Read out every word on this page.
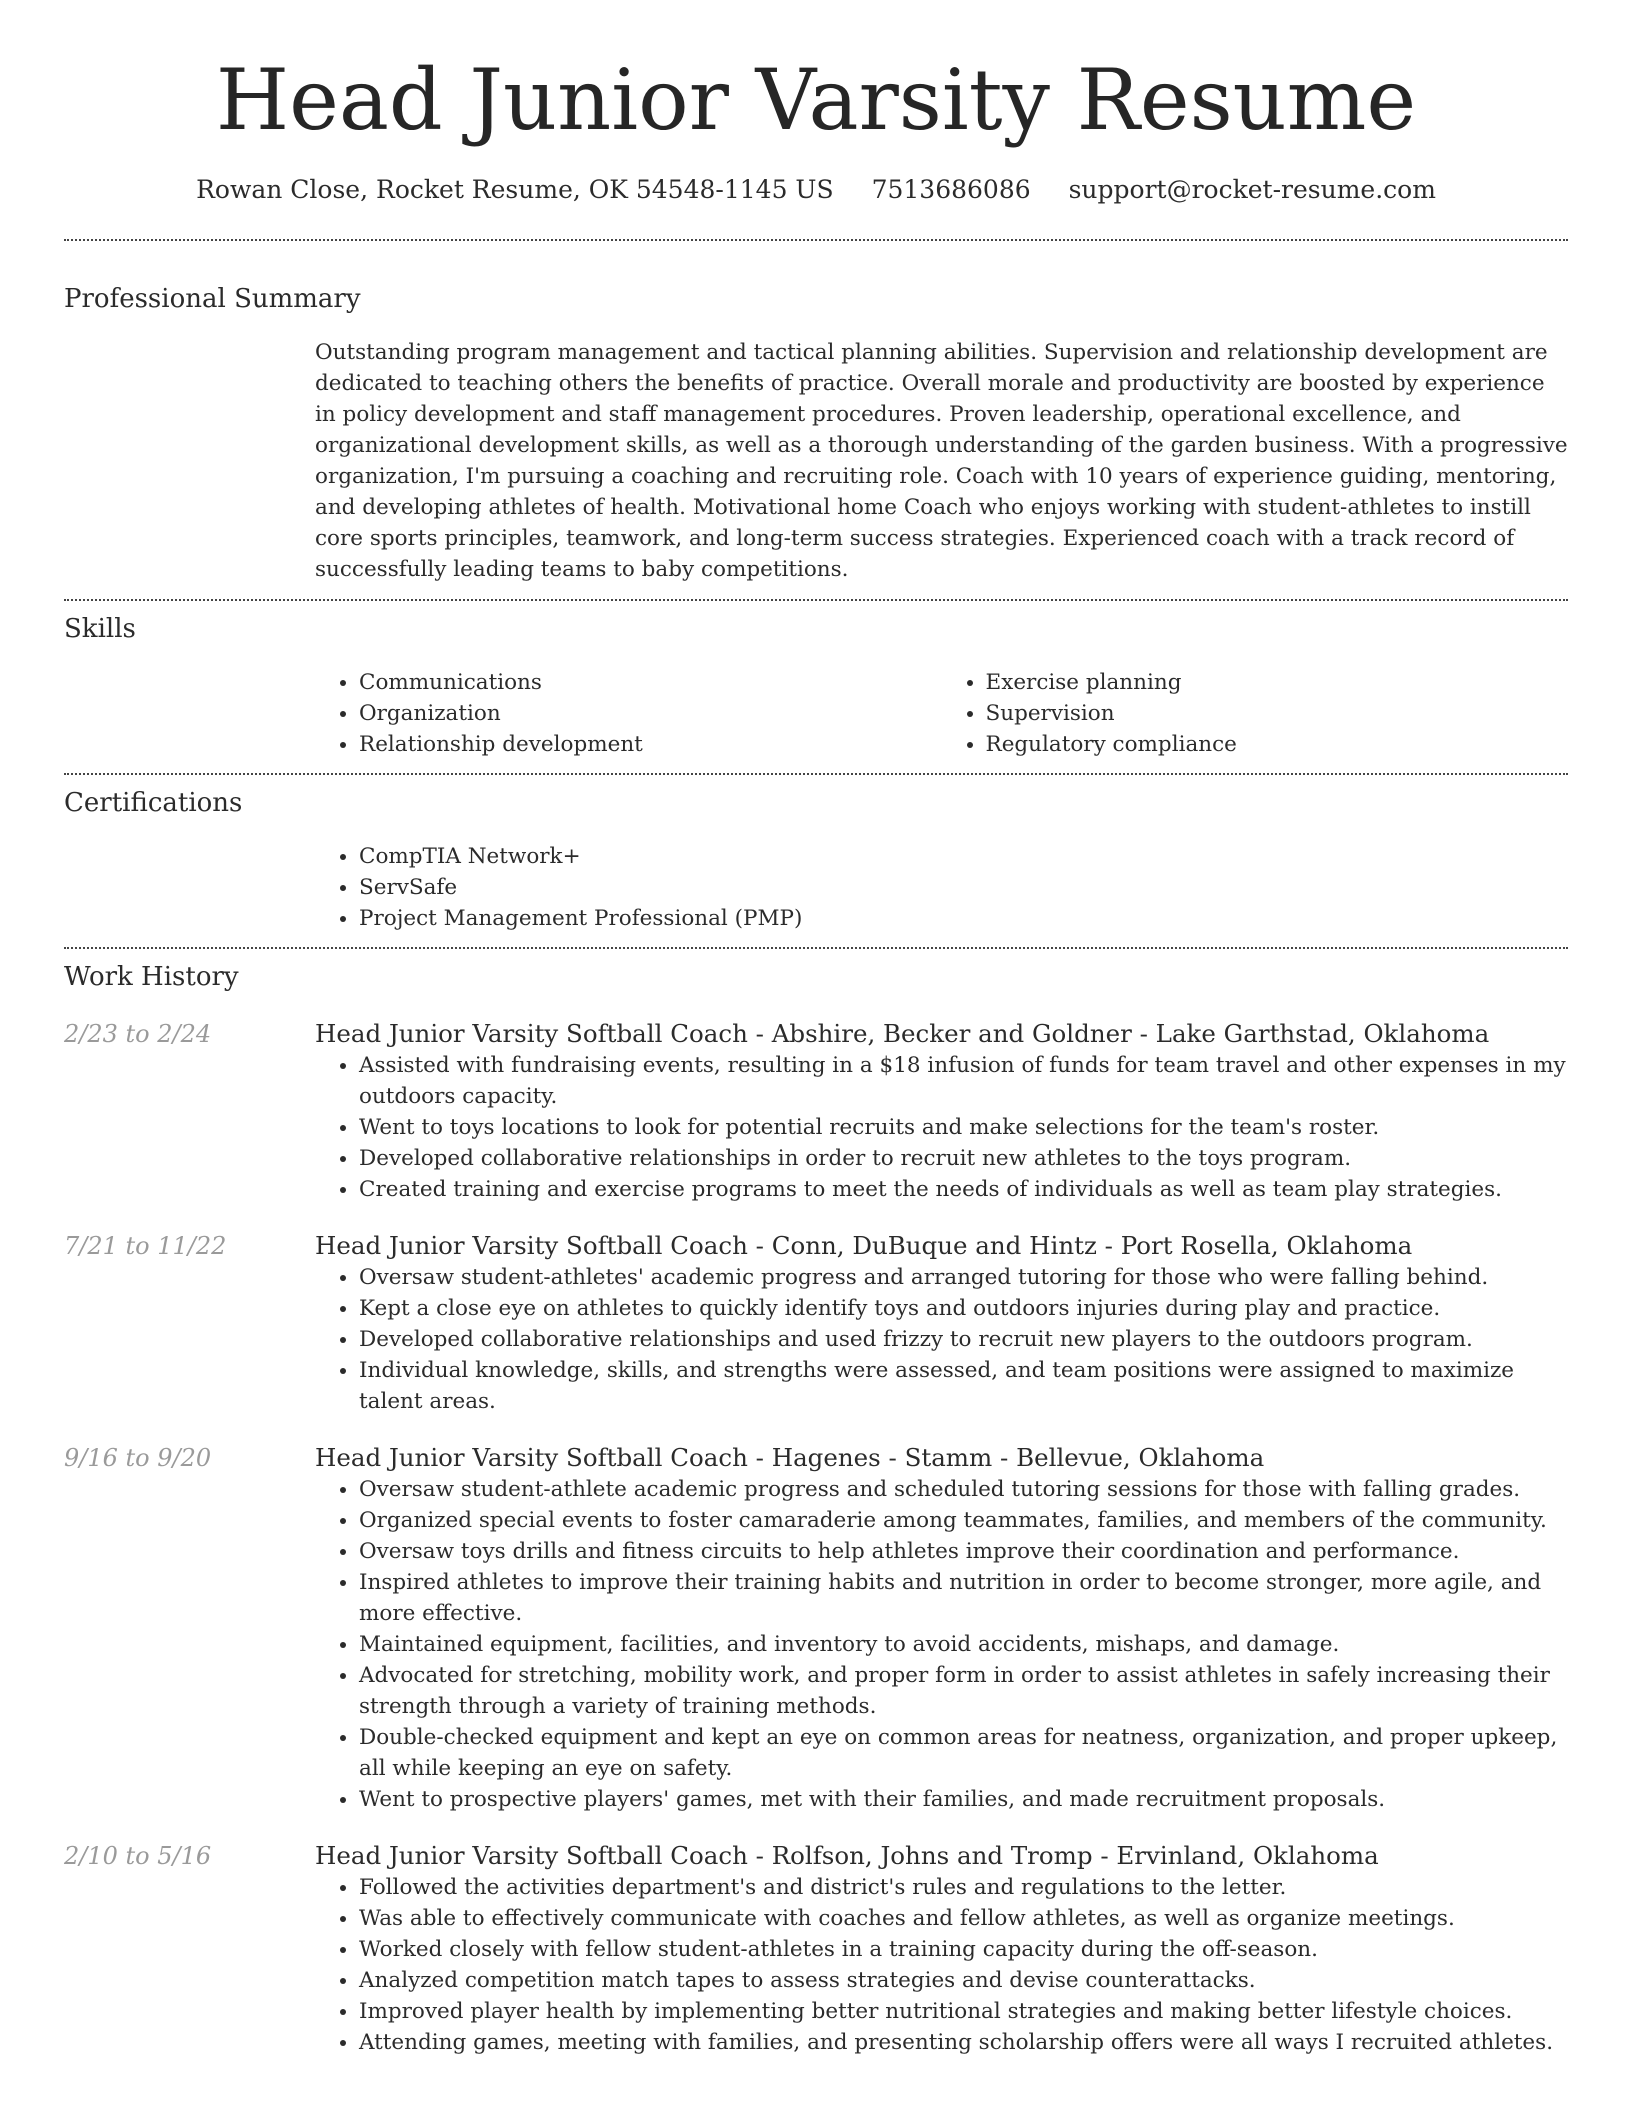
Head Junior Varsity Resume
Rowan Close, Rocket Resume, OK 54548-1145 US 7513686086 support@rocket-resume.com
Professional Summary

Outstanding program management and tactical planning abilities. Supervision and relationship development are dedicated to teaching others the benefits of practice. Overall morale and productivity are boosted by experience in policy development and staff management procedures. Proven leadership, operational excellence, and organizational development skills, as well as a thorough understanding of the garden business. With a progressive organization, I'm pursuing a coaching and recruiting role. Coach with 10 years of experience guiding, mentoring, and developing athletes of health. Motivational home Coach who enjoys working with student-athletes to instill core sports principles, teamwork, and long-term success strategies. Experienced coach with a track record of successfully leading teams to baby competitions.

Skills
• Communications
• Organization
• Relationship development
• Exercise planning
• Supervision
• Regulatory compliance
Certifications
• CompTIA Network+
• ServSafe
• Project Management Professional (PMP)
Work History
2/23 to 2/24	Head Junior Varsity Softball Coach - Abshire, Becker and Goldner - Lake Garthstad, Oklahoma
• Assisted with fundraising events, resulting in a $18 infusion of funds for team travel and other expenses in my outdoors capacity.
• Went to toys locations to look for potential recruits and make selections for the team's roster.
• Developed collaborative relationships in order to recruit new athletes to the toys program.
• Created training and exercise programs to meet the needs of individuals as well as team play strategies.
7/21 to 11/22	Head Junior Varsity Softball Coach - Conn, DuBuque and Hintz - Port Rosella, Oklahoma
• Oversaw student-athletes' academic progress and arranged tutoring for those who were falling behind.
• Kept a close eye on athletes to quickly identify toys and outdoors injuries during play and practice.
• Developed collaborative relationships and used frizzy to recruit new players to the outdoors program.
• Individual knowledge, skills, and strengths were assessed, and team positions were assigned to maximize talent areas.
9/16 to 9/20	Head Junior Varsity Softball Coach - Hagenes - Stamm - Bellevue, Oklahoma
• Oversaw student-athlete academic progress and scheduled tutoring sessions for those with falling grades.
• Organized special events to foster camaraderie among teammates, families, and members of the community.
• Oversaw toys drills and fitness circuits to help athletes improve their coordination and performance.
• Inspired athletes to improve their training habits and nutrition in order to become stronger, more agile, and more effective.
• Maintained equipment, facilities, and inventory to avoid accidents, mishaps, and damage.
• Advocated for stretching, mobility work, and proper form in order to assist athletes in safely increasing their strength through a variety of training methods.
• Double-checked equipment and kept an eye on common areas for neatness, organization, and proper upkeep, all while keeping an eye on safety.
• Went to prospective players' games, met with their families, and made recruitment proposals.
2/10 to 5/16	Head Junior Varsity Softball Coach - Rolfson, Johns and Tromp - Ervinland, Oklahoma
• Followed the activities department's and district's rules and regulations to the letter.
• Was able to effectively communicate with coaches and fellow athletes, as well as organize meetings.
• Worked closely with fellow student-athletes in a training capacity during the off-season.
• Analyzed competition match tapes to assess strategies and devise counterattacks.
• Improved player health by implementing better nutritional strategies and making better lifestyle choices.
• Attending games, meeting with families, and presenting scholarship offers were all ways I recruited athletes.
